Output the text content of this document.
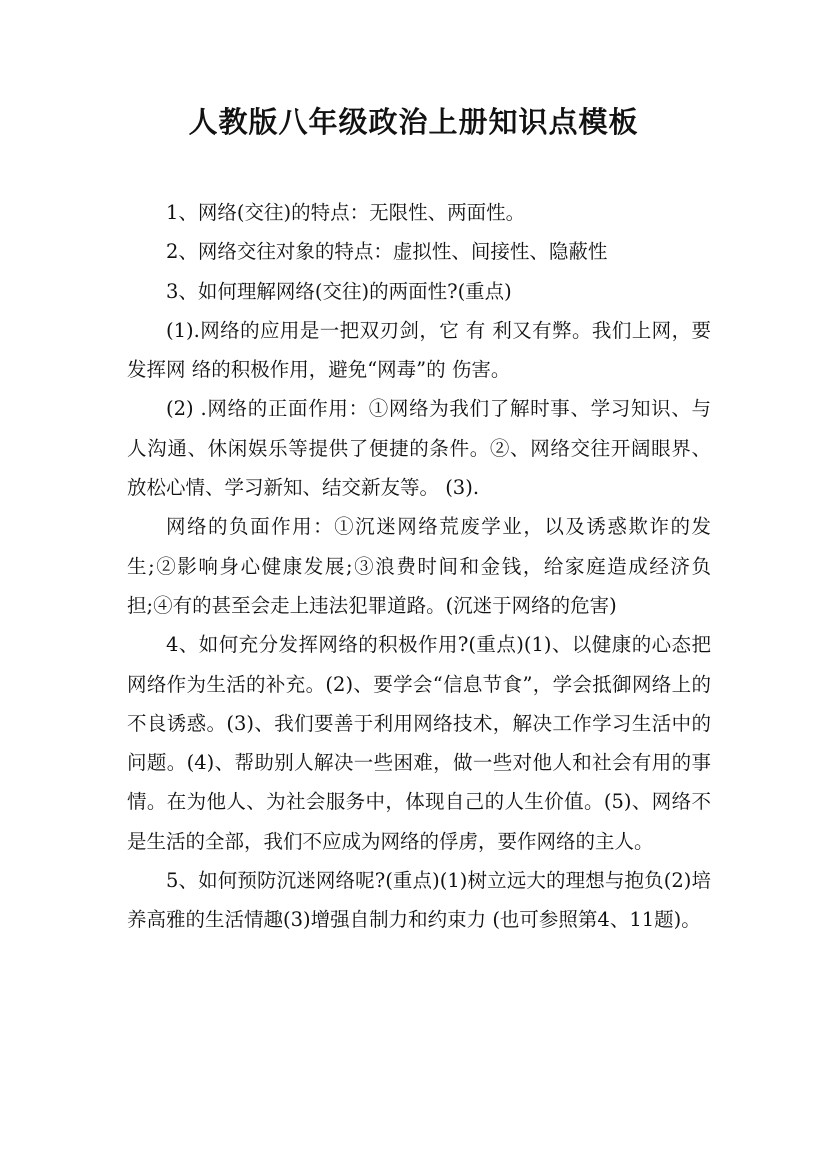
人教版八年级政治上册知识点模板

1、网络(交往)的特点：无限性、两面性。

2、网络交往对象的特点：虚拟性、间接性、隐蔽性

3、如何理解网络(交往)的两面性?(重点)

(1).网络的应用是一把双刃剑，它 有 利又有弊。我们上网，要发挥网 络的积极作用，避免“网毒”的 伤害。

(2) .网络的正面作用：①网络为我们了解时事、学习知识、与人沟通、休闲娱乐等提供了便捷的条件。②、网络交往开阔眼界、放松心情、学习新知、结交新友等。 (3).

网络的负面作用：①沉迷网络荒废学业，以及诱惑欺诈的发生;②影响身心健康发展;③浪费时间和金钱，给家庭造成经济负担;④有的甚至会走上违法犯罪道路。(沉迷于网络的危害)

4、如何充分发挥网络的积极作用?(重点)(1)、以健康的心态把网络作为生活的补充。(2)、要学会“信息节食”，学会抵御网络上的不良诱惑。(3)、我们要善于利用网络技术，解决工作学习生活中的问题。(4)、帮助别人解决一些困难，做一些对他人和社会有用的事情。在为他人、为社会服务中，体现自己的人生价值。(5)、网络不是生活的全部，我们不应成为网络的俘虏，要作网络的主人。

5、如何预防沉迷网络呢?(重点)(1)树立远大的理想与抱负(2)培养高雅的生活情趣(3)增强自制力和约束力 (也可参照第4、11题)。
